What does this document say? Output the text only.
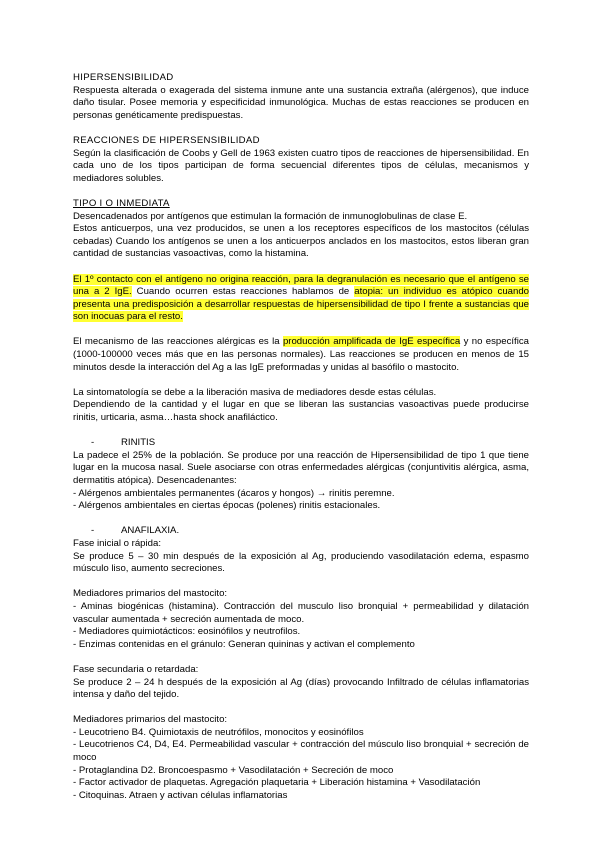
HIPERSENSIBILIDAD

Respuesta alterada o exagerada del sistema inmune ante una sustancia extraña (alérgenos), que induce daño tisular. Posee memoria y especificidad inmunológica. Muchas de estas reacciones se producen en personas genéticamente predispuestas.

REACCIONES DE HIPERSENSIBILIDAD

Según la clasificación de Coobs y Gell de 1963 existen cuatro tipos de reacciones de hipersensibilidad. En cada uno de los tipos participan de forma secuencial diferentes tipos de células, mecanismos y mediadores solubles.

TIPO I O INMEDIATA

Desencadenados por antígenos que estimulan la formación de inmunoglobulinas de clase E.

Estos anticuerpos, una vez producidos, se unen a los receptores específicos de los mastocitos (células cebadas) Cuando los antígenos se unen a los anticuerpos anclados en los mastocitos, estos liberan gran cantidad de sustancias vasoactivas, como la histamina.

El 1º contacto con el antígeno no origina reacción, para la degranulación es necesario que el antígeno se una a 2 IgE. Cuando ocurren estas reacciones hablamos de atopia: un individuo es atópico cuando presenta una predisposición a desarrollar respuestas de hipersensibilidad de tipo I frente a sustancias que son inocuas para el resto.

El mecanismo de las reacciones alérgicas es la producción amplificada de IgE específica y no específica (1000-100000 veces más que en las personas normales). Las reacciones se producen en menos de 15 minutos desde la interacción del Ag a las IgE preformadas y unidas al basófilo o mastocito.

La sintomatología se debe a la liberación masiva de mediadores desde estas células.

Dependiendo de la cantidad y el lugar en que se liberan las sustancias vasoactivas puede producirse rinitis, urticaria, asma…hasta shock anafiláctico.

-	RINITIS

La padece el 25% de la población. Se produce por una reacción de Hipersensibilidad de tipo 1 que tiene lugar en la mucosa nasal. Suele asociarse con otras enfermedades alérgicas (conjuntivitis alérgica, asma, dermatitis atópica). Desencadenantes:

- Alérgenos ambientales permanentes (ácaros y hongos) → rinitis peremne.

- Alérgenos ambientales en ciertas épocas (polenes) rinitis estacionales.

-	ANAFILAXIA.

Fase inicial o rápida:

Se produce 5 – 30 min después de la exposición al Ag, produciendo vasodilatación edema, espasmo músculo liso, aumento secreciones.

Mediadores primarios del mastocito:

- Aminas biogénicas (histamina). Contracción del musculo liso bronquial + permeabilidad y dilatación vascular aumentada + secreción aumentada de moco.

- Mediadores quimiotácticos: eosinófilos y neutrofilos.

- Enzimas contenidas en el gránulo: Generan quininas y activan el complemento

Fase secundaria o retardada:

Se produce 2 – 24 h después de la exposición al Ag (días) provocando Infiltrado de células inflamatorias intensa y daño del tejido.

Mediadores primarios del mastocito:

- Leucotrieno B4. Quimiotaxis de neutrófilos, monocitos y eosinófilos

- Leucotrienos C4, D4, E4. Permeabilidad vascular + contracción del músculo liso bronquial + secreción de moco

- Protaglandina D2. Broncoespasmo + Vasodilatación + Secreción de moco

- Factor activador de plaquetas. Agregación plaquetaria + Liberación histamina + Vasodilatación

- Citoquinas. Atraen y activan células inflamatorias
